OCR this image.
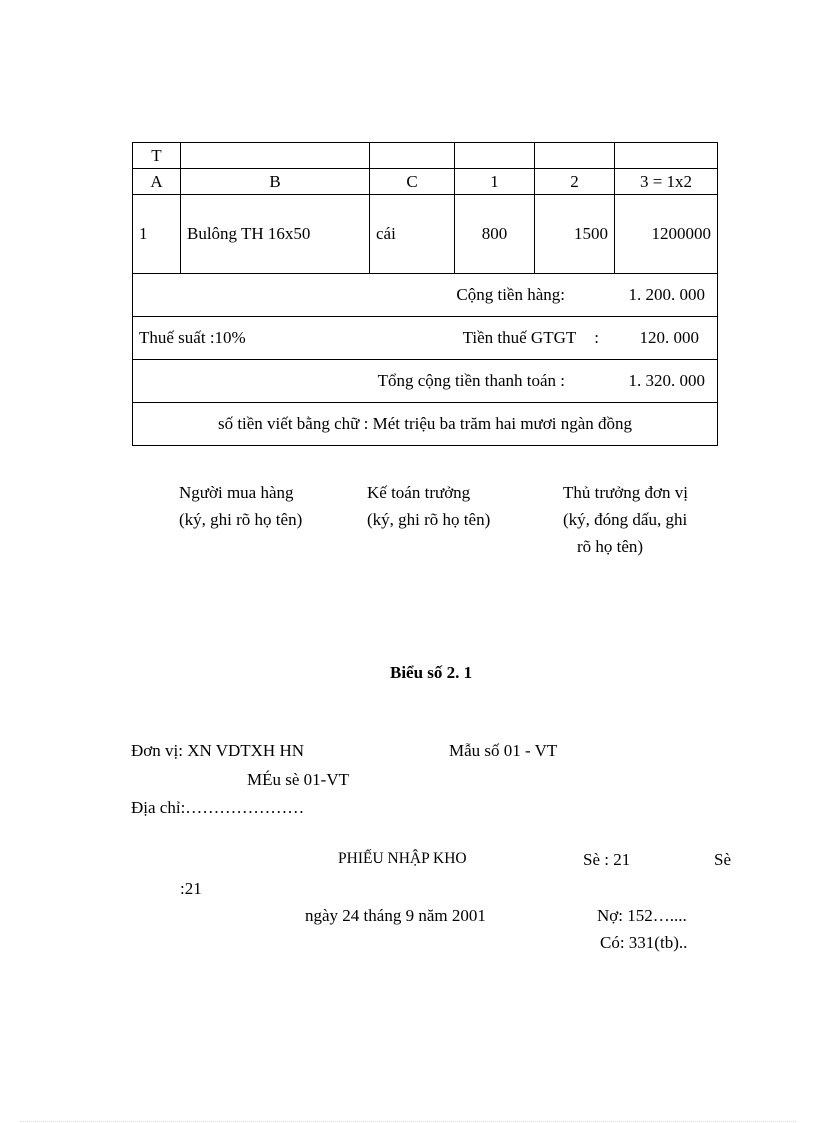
T					
A	B	C	1	2	3 = 1x2
1	Bulông TH 16x50	cái	800	1500	1200000

Cộng tiền hàng: 1. 200. 000					

Thuế suất :10% Tiền thuế GTGT : 120. 000					

Tổng cộng tiền thanh toán : 1. 320. 000					

số tiền viết bằng chữ : Mét triệu ba trăm hai mươi ngàn đồng					
Người mua hàng
(ký, ghi rõ họ tên)
Kế toán trưởng
(ký, ghi rõ họ tên)
Thủ trưởng đơn vị
(ký, đóng dấu, ghi
rõ họ tên)
Biểu số 2. 1
Đơn vị: XN VDTXH HN	Mẫu số 01 - VT
MÉu sè 01-VT
Địa chỉ:…………………
PHIẾU NHẬP KHO	Sè : 21	Sè
:21
ngày 24 tháng 9 năm 2001	Nợ: 152…....
Có: 331(tb)..
